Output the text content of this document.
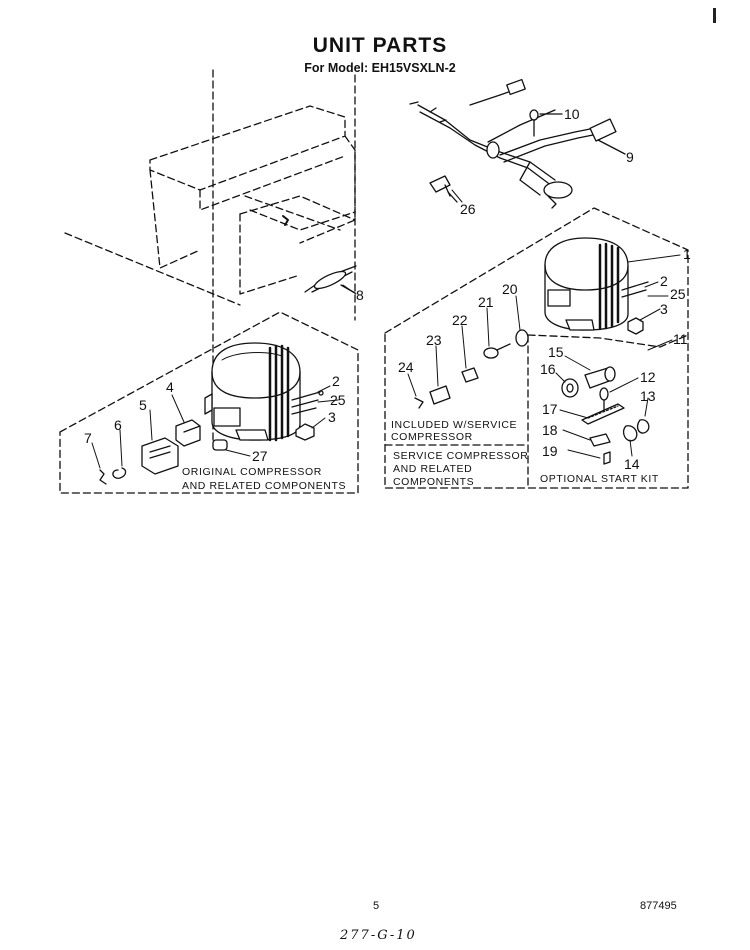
UNIT PARTS
For Model: EH15VSXLN-2
10
9
26
8
1
2
25
3
11
15
16	12
13
17
18
19
14
20
21
22
23
24
2
25
3
4
5
6
7
27
ORIGINAL COMPRESSOR
AND RELATED COMPONENTS
INCLUDED W/SERVICE
COMPRESSOR
SERVICE COMPRESSOR
AND RELATED
COMPONENTS	OPTIONAL START KIT
5	877495
277-G-10
